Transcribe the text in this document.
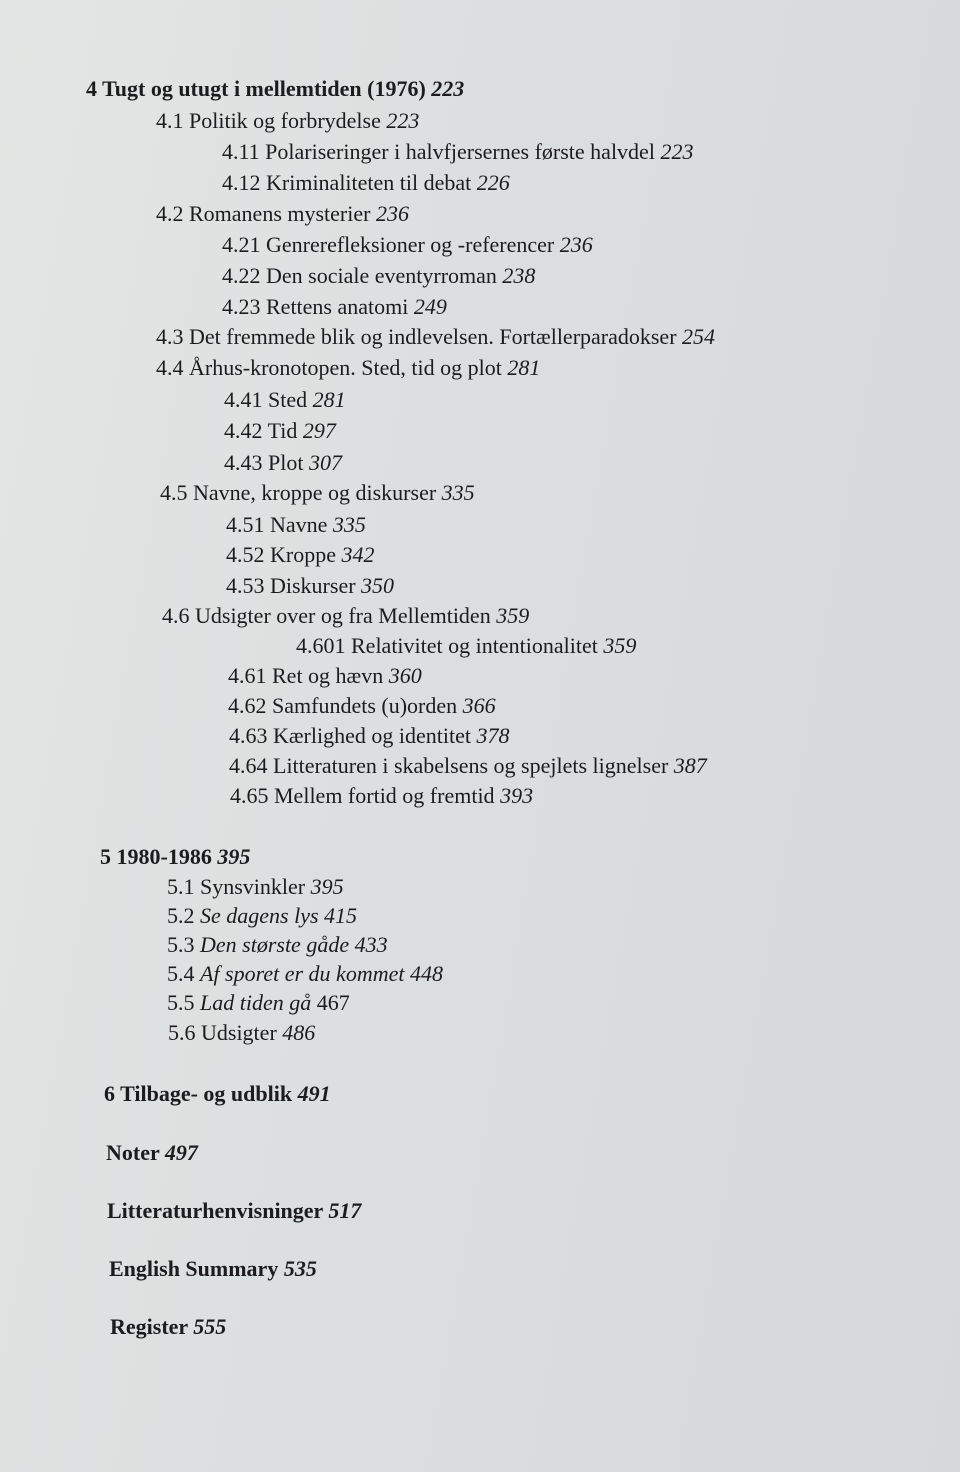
4 Tugt og utugt i mellemtiden (1976) 223
4.1 Politik og forbrydelse 223
4.11 Polariseringer i halvfjersernes første halvdel 223
4.12 Kriminaliteten til debat 226
4.2 Romanens mysterier 236
4.21 Genrerefleksioner og -referencer 236
4.22 Den sociale eventyrroman 238
4.23 Rettens anatomi 249
4.3 Det fremmede blik og indlevelsen. Fortællerparadokser 254
4.4 Århus-kronotopen. Sted, tid og plot 281
4.41 Sted 281
4.42 Tid 297
4.43 Plot 307
4.5 Navne, kroppe og diskurser 335
4.51 Navne 335
4.52 Kroppe 342
4.53 Diskurser 350
4.6 Udsigter over og fra Mellemtiden 359
4.601 Relativitet og intentionalitet 359
4.61 Ret og hævn 360
4.62 Samfundets (u)orden 366
4.63 Kærlighed og identitet 378
4.64 Litteraturen i skabelsens og spejlets lignelser 387
4.65 Mellem fortid og fremtid 393
5 1980-1986 395
5.1 Synsvinkler 395
5.2 Se dagens lys 415
5.3 Den største gåde 433
5.4 Af sporet er du kommet 448
5.5 Lad tiden gå 467
5.6 Udsigter 486
6 Tilbage- og udblik 491
Noter 497
Litteraturhenvisninger 517
English Summary 535
Register 555
